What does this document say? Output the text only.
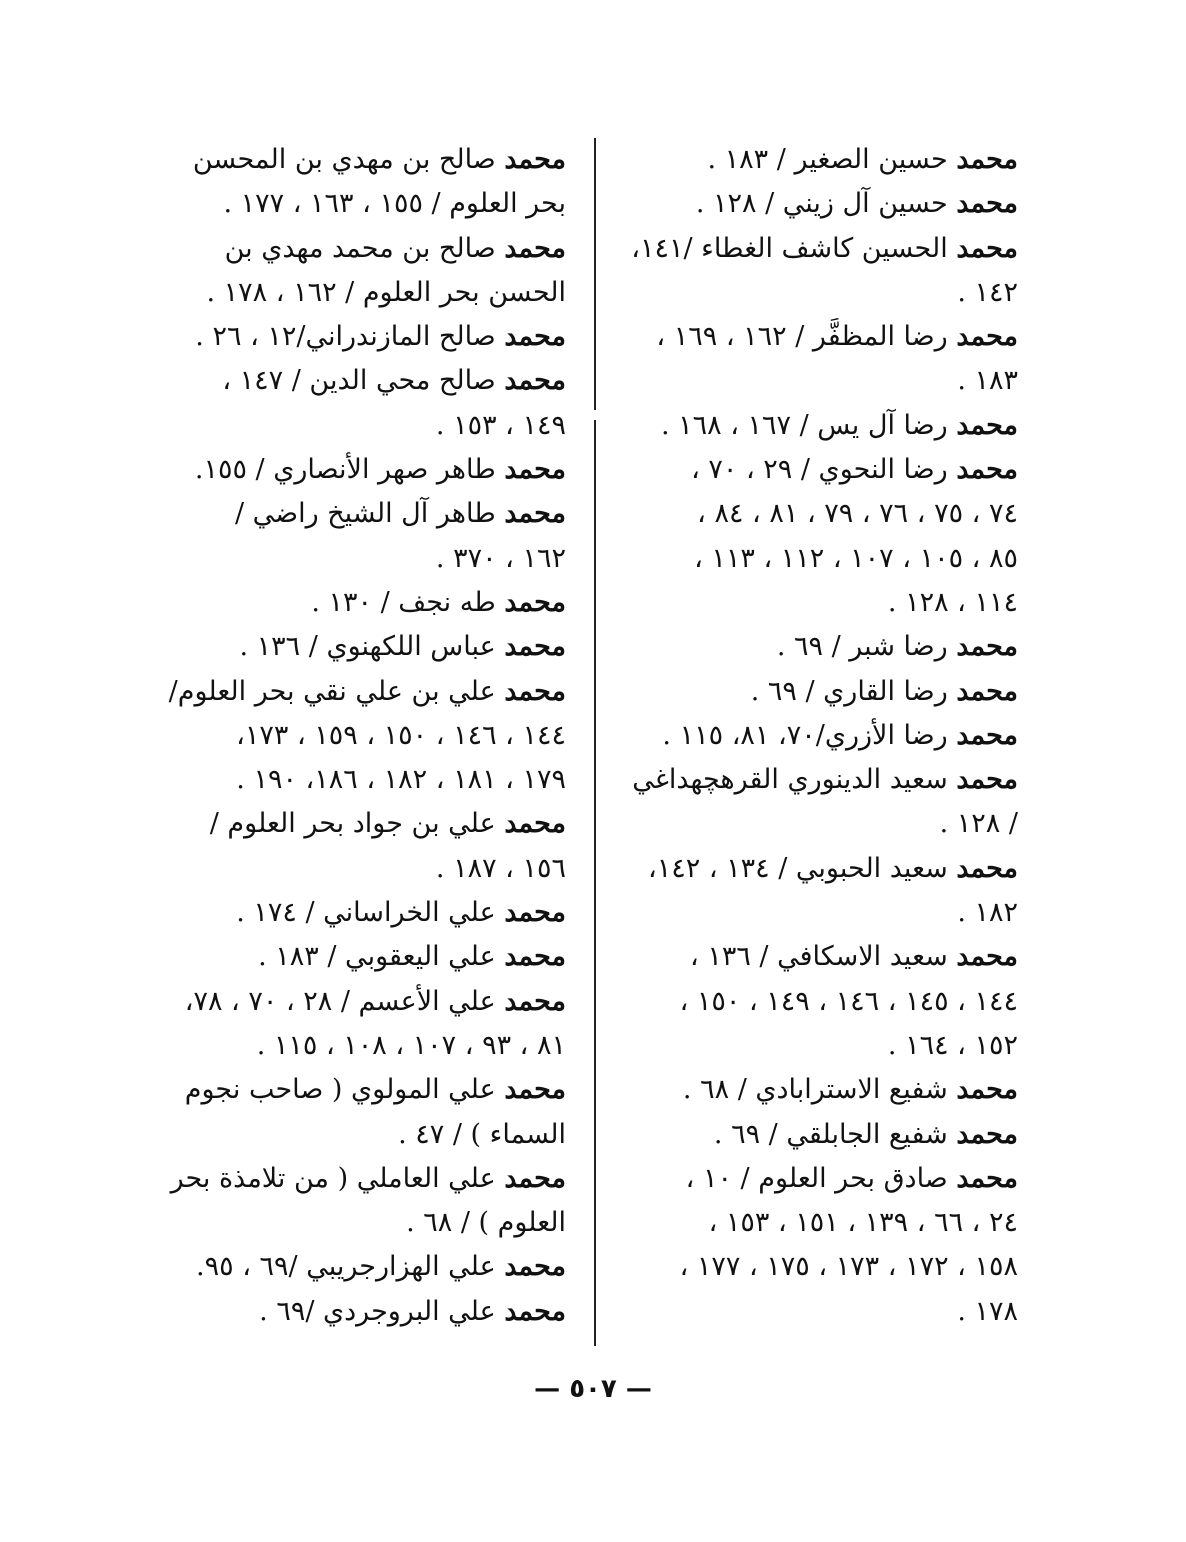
محمد حسين الصغير / ١٨٣ .
محمد حسين آل زيني / ١٢٨ .
محمد الحسين كاشف الغطاء /١٤١،
١٤٢ .
محمد رضا المظفَّر / ١٦٢ ، ١٦٩ ،
١٨٣ .
محمد رضا آل يس / ١٦٧ ، ١٦٨ .
محمد رضا النحوي / ٢٩ ، ٧٠ ،
٧٤ ، ٧٥ ، ٧٦ ، ٧٩ ، ٨١ ، ٨٤ ،
٨٥ ، ١٠٥ ، ١٠٧ ، ١١٢ ، ١١٣ ،
١١٤ ، ١٢٨ .
محمد رضا شبر / ٦٩ .
محمد رضا القاري / ٦٩ .
محمد رضا الأزري/٧٠، ٨١، ١١٥ .
محمد سعيد الدينوري القرهچهداغي
/ ١٢٨ .
محمد سعيد الحبوبي / ١٣٤ ، ١٤٢،
١٨٢ .
محمد سعيد الاسكافي / ١٣٦ ،
١٤٤ ، ١٤٥ ، ١٤٦ ، ١٤٩ ، ١٥٠ ،
١٥٢ ، ١٦٤ .
محمد شفيع الاسترابادي / ٦٨ .
محمد شفيع الجابلقي / ٦٩ .
محمد صادق بحر العلوم / ١٠ ،
٢٤ ، ٦٦ ، ١٣٩ ، ١٥١ ، ١٥٣ ،
١٥٨ ، ١٧٢ ، ١٧٣ ، ١٧٥ ، ١٧٧ ،
١٧٨ .
محمد صالح بن مهدي بن المحسن
بحر العلوم / ١٥٥ ، ١٦٣ ، ١٧٧ .
محمد صالح بن محمد مهدي بن
الحسن بحر العلوم / ١٦٢ ، ١٧٨ .
محمد صالح المازندراني/١٢ ، ٢٦ .
محمد صالح محي الدين / ١٤٧ ،
١٤٩ ، ١٥٣ .
محمد طاهر صهر الأنصاري / ١٥٥.
محمد طاهر آل الشيخ راضي /
١٦٢ ، ٣٧٠ .
محمد طه نجف / ١٣٠ .
محمد عباس اللكهنوي / ١٣٦ .
محمد علي بن علي نقي بحر العلوم/
١٤٤ ، ١٤٦ ، ١٥٠ ، ١٥٩ ، ١٧٣،
١٧٩ ، ١٨١ ، ١٨٢ ، ١٨٦، ١٩٠ .
محمد علي بن جواد بحر العلوم /
١٥٦ ، ١٨٧ .
محمد علي الخراساني / ١٧٤ .
محمد علي اليعقوبي / ١٨٣ .
محمد علي الأعسم / ٢٨ ، ٧٠ ، ٧٨،
٨١ ، ٩٣ ، ١٠٧ ، ١٠٨ ، ١١٥ .
محمد علي المولوي ( صاحب نجوم
السماء ) / ٤٧ .
محمد علي العاملي ( من تلامذة بحر
العلوم ) / ٦٨ .
محمد علي الهزارجريبي /٦٩ ، ٩٥.
محمد علي البروجردي /٦٩ .
— ٥٠٧ —
